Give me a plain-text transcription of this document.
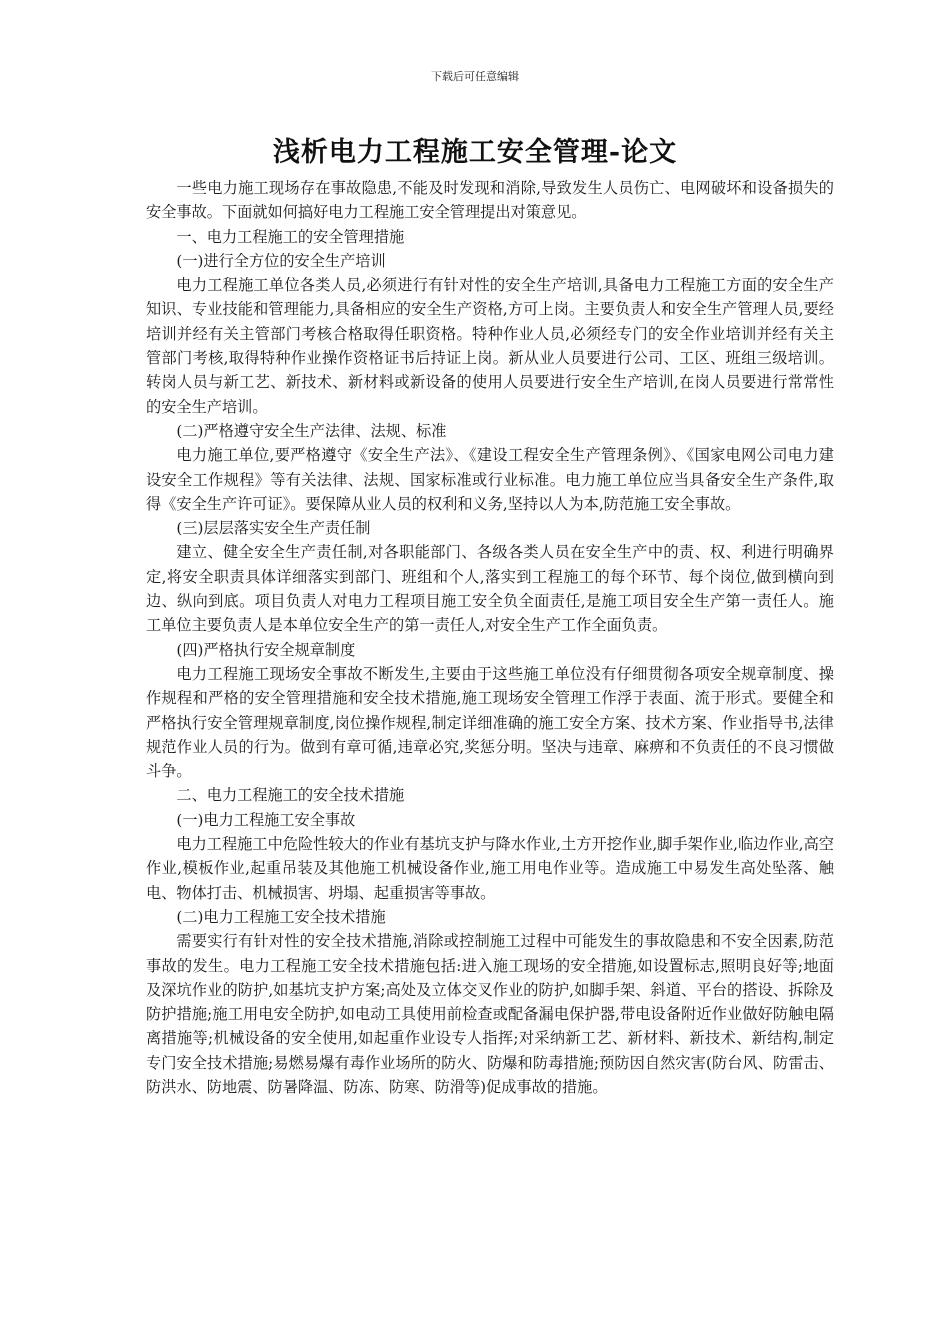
下载后可任意编辑
浅析电力工程施工安全管理-论文

一些电力施工现场存在事故隐患,不能及时发现和消除,导致发生人员伤亡、电网破坏和设备损失的安全事故。下面就如何搞好电力工程施工安全管理提出对策意见。

一、电力工程施工的安全管理措施

(一)进行全方位的安全生产培训

电力工程施工单位各类人员,必须进行有针对性的安全生产培训,具备电力工程施工方面的安全生产知识、专业技能和管理能力,具备相应的安全生产资格,方可上岗。主要负责人和安全生产管理人员,要经培训并经有关主管部门考核合格取得任职资格。特种作业人员,必须经专门的安全作业培训并经有关主管部门考核,取得特种作业操作资格证书后持证上岗。新从业人员要进行公司、工区、班组三级培训。转岗人员与新工艺、新技术、新材料或新设备的使用人员要进行安全生产培训,在岗人员要进行常常性的安全生产培训。

(二)严格遵守安全生产法律、法规、标准

电力施工单位,要严格遵守《安全生产法》、《建设工程安全生产管理条例》、《国家电网公司电力建设安全工作规程》等有关法律、法规、国家标准或行业标准。电力施工单位应当具备安全生产条件,取得《安全生产许可证》。要保障从业人员的权利和义务,坚持以人为本,防范施工安全事故。

(三)层层落实安全生产责任制

建立、健全安全生产责任制,对各职能部门、各级各类人员在安全生产中的责、权、利进行明确界定,将安全职责具体详细落实到部门、班组和个人,落实到工程施工的每个环节、每个岗位,做到横向到边、纵向到底。项目负责人对电力工程项目施工安全负全面责任,是施工项目安全生产第一责任人。施工单位主要负责人是本单位安全生产的第一责任人,对安全生产工作全面负责。

(四)严格执行安全规章制度

电力工程施工现场安全事故不断发生,主要由于这些施工单位没有仔细贯彻各项安全规章制度、操作规程和严格的安全管理措施和安全技术措施,施工现场安全管理工作浮于表面、流于形式。要健全和严格执行安全管理规章制度,岗位操作规程,制定详细准确的施工安全方案、技术方案、作业指导书,法律规范作业人员的行为。做到有章可循,违章必究,奖惩分明。坚决与违章、麻痹和不负责任的不良习惯做斗争。

二、电力工程施工的安全技术措施

(一)电力工程施工安全事故

电力工程施工中危险性较大的作业有基坑支护与降水作业,土方开挖作业,脚手架作业,临边作业,高空作业,模板作业,起重吊装及其他施工机械设备作业,施工用电作业等。造成施工中易发生高处坠落、触电、物体打击、机械损害、坍塌、起重损害等事故。

(二)电力工程施工安全技术措施

需要实行有针对性的安全技术措施,消除或控制施工过程中可能发生的事故隐患和不安全因素,防范事故的发生。电力工程施工安全技术措施包括:进入施工现场的安全措施,如设置标志,照明良好等;地面及深坑作业的防护,如基坑支护方案;高处及立体交叉作业的防护,如脚手架、斜道、平台的搭设、拆除及防护措施;施工用电安全防护,如电动工具使用前检查或配备漏电保护器,带电设备附近作业做好防触电隔离措施等;机械设备的安全使用,如起重作业设专人指挥;对采纳新工艺、新材料、新技术、新结构,制定专门安全技术措施;易燃易爆有毒作业场所的防火、防爆和防毒措施;预防因自然灾害(防台风、防雷击、防洪水、防地震、防暑降温、防冻、防寒、防滑等)促成事故的措施。
